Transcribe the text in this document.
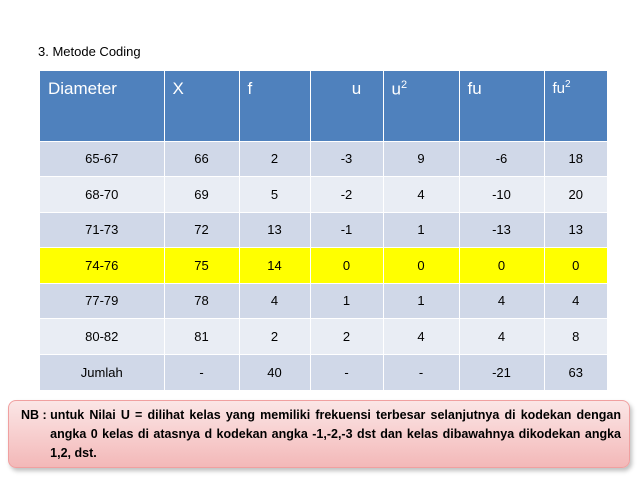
3. Metode Coding
Diameter	X	f	u	$u^2$	fu	$fu^2$
65-67	66	2	-3	9	-6	18
68-70	69	5	-2	4	-10	20
71-73	72	13	-1	1	-13	13
74-76	75	14	0	0	0	0
77-79	78	4	1	1	4	4
80-82	81	2	2	4	4	8
Jumlah	-	40	-	-	-21	63
NB : untuk Nilai U = dilihat kelas yang memiliki frekuensi terbesar selanjutnya di kodekan dengan angka 0 kelas di atasnya d kodekan angka -1,-2,-3 dst dan kelas dibawahnya dikodekan angka 1,2, dst.
